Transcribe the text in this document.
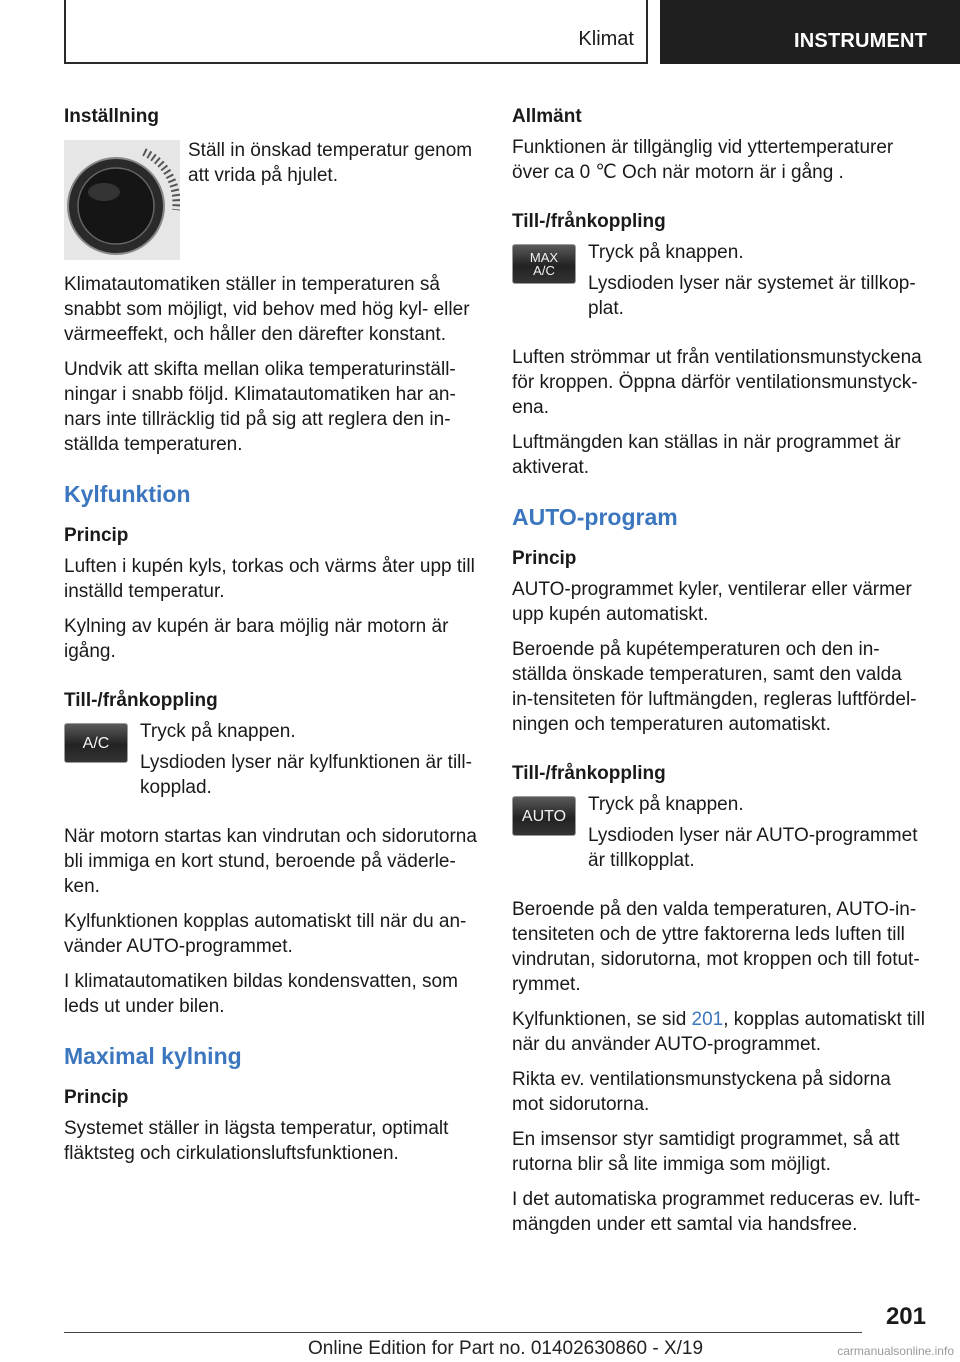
Klimat	INSTRUMENT
Inställning

Ställ in önskad temperatur genom att vrida på hjulet.

Klimatautomatiken ställer in temperaturen så snabbt som möjligt, vid behov med hög kyl- eller värmeeffekt, och håller den därefter konstant.

Undvik att skifta mellan olika temperaturinställ-ningar i snabb följd. Klimatautomatiken har an-nars inte tillräcklig tid på sig att reglera den in-ställda temperaturen.

Kylfunktion
Princip

Luften i kupén kyls, torkas och värms åter upp till inställd temperatur.

Kylning av kupén är bara möjlig när motorn är igång.

Till-/frånkoppling
A/C

Tryck på knappen.

Lysdioden lyser när kylfunktionen är till-kopplad.

När motorn startas kan vindrutan och sidorutorna bli immiga en kort stund, beroende på väderle-ken.

Kylfunktionen kopplas automatiskt till när du an-vänder AUTO-programmet.

I klimatautomatiken bildas kondensvatten, som leds ut under bilen.

Maximal kylning
Princip

Systemet ställer in lägsta temperatur, optimalt fläktsteg och cirkulationsluftsfunktionen.

Allmänt

Funktionen är tillgänglig vid yttertemperaturer över ca 0 ℃ Och när motorn är i gång .

Till-/frånkoppling
MAX
A/C

Tryck på knappen.

Lysdioden lyser när systemet är tillkop-plat.

Luften strömmar ut från ventilationsmunstyckena för kroppen. Öppna därför ventilationsmunstyck-ena.

Luftmängden kan ställas in när programmet är aktiverat.

AUTO-program
Princip

AUTO-programmet kyler, ventilerar eller värmer upp kupén automatiskt.

Beroende på kupétemperaturen och den in-ställda önskade temperaturen, samt den valda in-tensiteten för luftmängden, regleras luftfördel-ningen och temperaturen automatiskt.

Till-/frånkoppling
AUTO

Tryck på knappen.

Lysdioden lyser när AUTO-programmet är tillkopplat.

Beroende på den valda temperaturen, AUTO-in-tensiteten och de yttre faktorerna leds luften till vindrutan, sidorutorna, mot kroppen och till fotut-rymmet.

Kylfunktionen, se sid 201, kopplas automatiskt till när du använder AUTO-programmet.

Rikta ev. ventilationsmunstyckena på sidorna mot sidorutorna.

En imsensor styr samtidigt programmet, så att rutorna blir så lite immiga som möjligt.

I det automatiska programmet reduceras ev. luft-mängden under ett samtal via handsfree.

201
Online Edition for Part no. 01402630860 - X/19	carmanualsonline.info
